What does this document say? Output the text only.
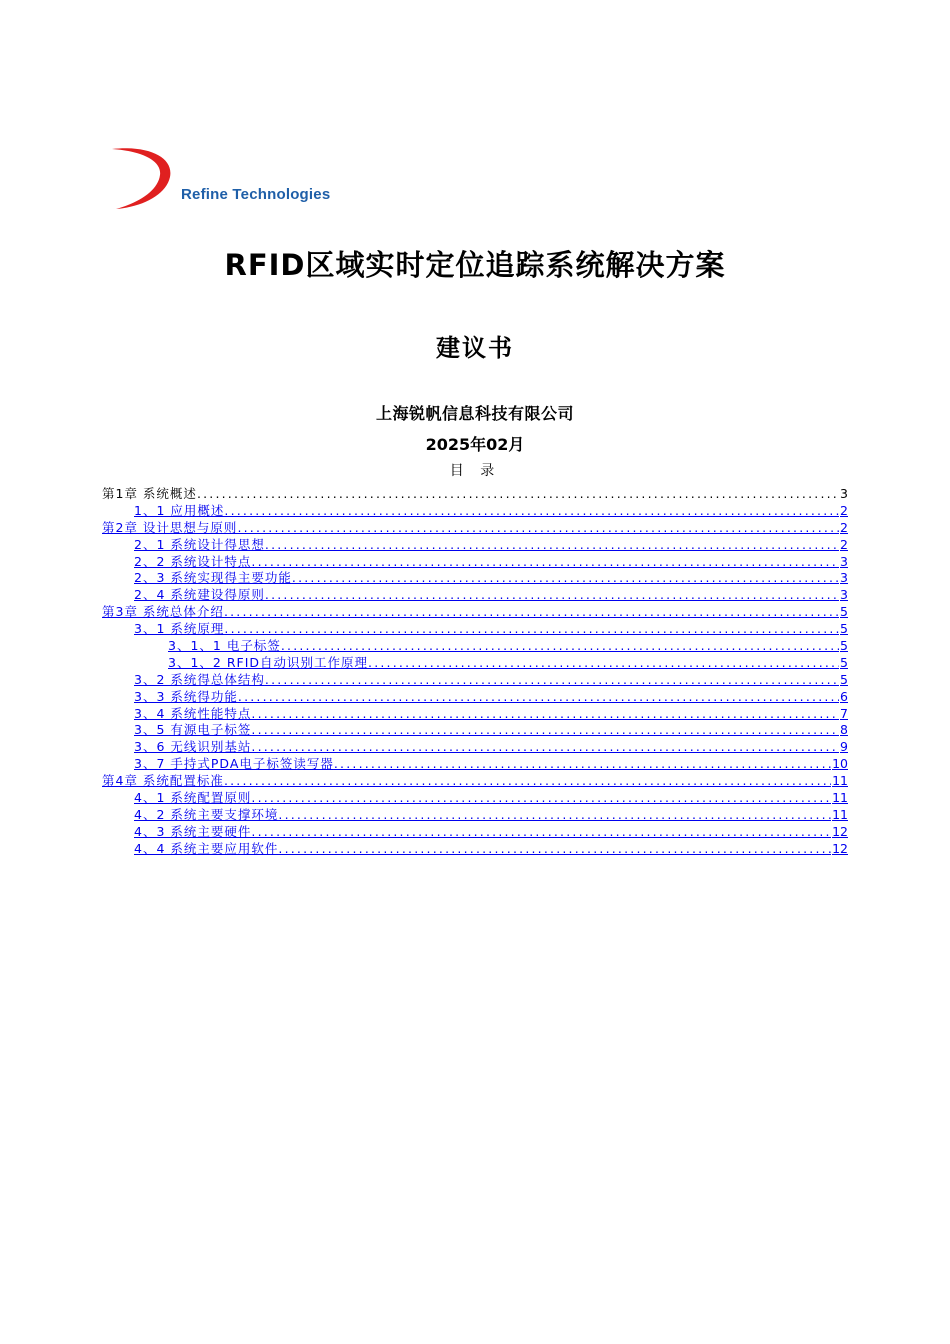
Refine Technologies
RFID区域实时定位追踪系统解决方案
建议书
上海锐帆信息科技有限公司
2025年02月
目 录
第1章 系统概述 .....	3
1、1 应用概述 .....	2
第2章 设计思想与原则 .....	2
2、1 系统设计得思想 .....	2
2、2 系统设计特点 .....	3
2、3 系统实现得主要功能 .....	3
2、4 系统建设得原则 .....	3
第3章 系统总体介绍 .....	5
3、1 系统原理 .....	5
3、1、1 电子标签 .....	5
3、1、2 RFID自动识别工作原理 .....	5
3、2 系统得总体结构 .....	5
3、3 系统得功能 .....	6
3、4 系统性能特点 .....	7
3、5 有源电子标签 .....	8
3、6 无线识别基站 .....	9
3、7 手持式PDA电子标签读写器 .....	10
第4章 系统配置标准 .....	11
4、1 系统配置原则 .....	11
4、2 系统主要支撑环境 .....	11
4、3 系统主要硬件 .....	12
4、4 系统主要应用软件 .....	12
